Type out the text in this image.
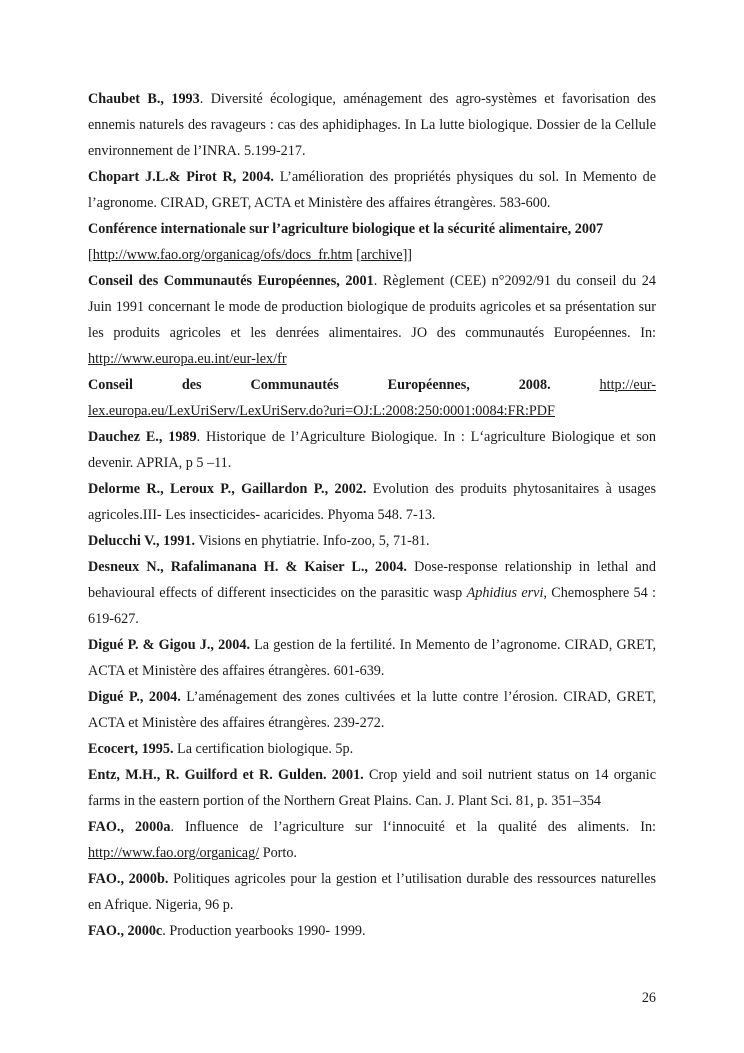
Chaubet B., 1993. Diversité écologique, aménagement des agro-systèmes et favorisation des ennemis naturels des ravageurs : cas des aphidiphages. In La lutte biologique. Dossier de la Cellule environnement de l’INRA. 5.199-217.

Chopart J.L.& Pirot R, 2004. L’amélioration des propriétés physiques du sol. In Memento de l’agronome. CIRAD, GRET, ACTA et Ministère des affaires étrangères. 583-600.

Conférence internationale sur l’agriculture biologique et la sécurité alimentaire, 2007
[http://www.fao.org/organicag/ofs/docs_fr.htm [archive]]

Conseil des Communautés Européennes, 2001. Règlement (CEE) n°2092/91 du conseil du 24 Juin 1991 concernant le mode de production biologique de produits agricoles et sa présentation sur les produits agricoles et les denrées alimentaires. JO des communautés Européennes. In: http://www.europa.eu.int/eur-lex/fr

Conseil	des	Communautés	Européennes,	2008.	http://eur-
lex.europa.eu/LexUriServ/LexUriServ.do?uri=OJ:L:2008:250:0001:0084:FR:PDF

Dauchez E., 1989. Historique de l’Agriculture Biologique. In : L‘agriculture Biologique et son devenir. APRIA, p 5 –11.

Delorme R., Leroux P., Gaillardon P., 2002. Evolution des produits phytosanitaires à usages agricoles.III- Les insecticides- acaricides. Phyoma 548. 7-13.

Delucchi V., 1991. Visions en phytiatrie. Info-zoo, 5, 71-81.

Desneux N., Rafalimanana H. & Kaiser L., 2004. Dose-response relationship in lethal and behavioural effects of different insecticides on the parasitic wasp Aphidius ervi, Chemosphere 54 : 619-627.

Digué P. & Gigou J., 2004. La gestion de la fertilité. In Memento de l’agronome. CIRAD, GRET, ACTA et Ministère des affaires étrangères. 601-639.

Digué P., 2004. L’aménagement des zones cultivées et la lutte contre l’érosion. CIRAD, GRET, ACTA et Ministère des affaires étrangères. 239-272.

Ecocert, 1995. La certification biologique. 5p.

Entz, M.H., R. Guilford et R. Gulden. 2001. Crop yield and soil nutrient status on 14 organic farms in the eastern portion of the Northern Great Plains. Can. J. Plant Sci. 81, p. 351–354

FAO., 2000a. Influence de l’agriculture sur l‘innocuité et la qualité des aliments. In: http://www.fao.org/organicag/ Porto.

FAO., 2000b. Politiques agricoles pour la gestion et l’utilisation durable des ressources naturelles en Afrique. Nigeria, 96 p.

FAO., 2000c. Production yearbooks 1990- 1999.

26
